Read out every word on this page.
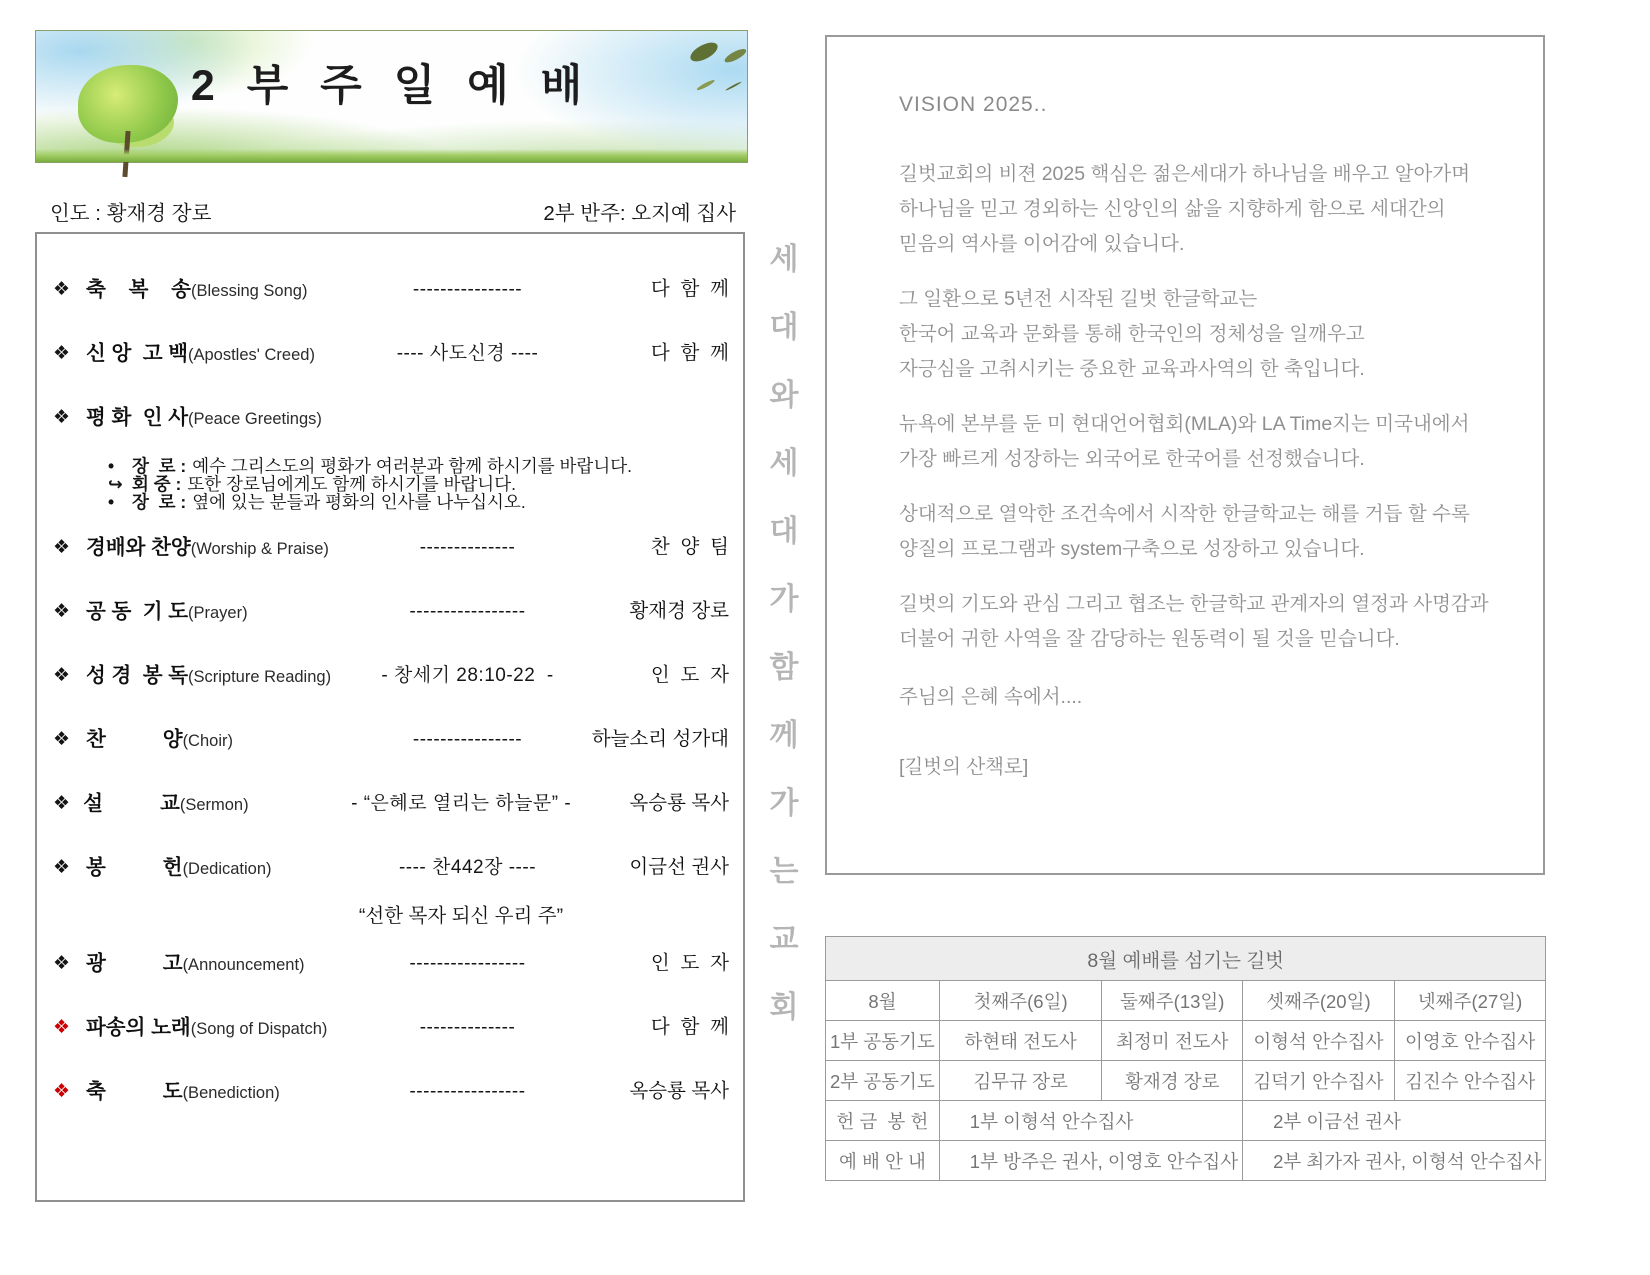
2 부 주 일 예 배
인도 : 황재경 장로	2부 반주: 오지예 집사
❖ 축    복    송(Blessing Song)	----------------	다  함  께
❖ 신 앙  고 백(Apostles' Creed)	---- 사도신경 ----	다  함  께
❖ 평 화  인 사(Peace Greetings)
•	장  로 : 예수 그리스도의 평화가 여러분과 함께 하시기를 바랍니다.
↪ 회 중 : 또한 장로님에게도 함께 하시기를 바랍니다.
•	장  로 : 옆에 있는 분들과 평화의 인사를 나누십시오.
❖ 경배와 찬양(Worship & Praise)	--------------	찬  양  팀
❖ 공 동  기 도(Prayer)	-----------------	황재경 장로
❖ 성 경  봉 독(Scripture Reading)	- 창세기 28:10-22  -	인  도  자
❖ 찬          양(Choir)	----------------	하늘소리 성가대
❖ 설          교(Sermon)	- “은혜로 열리는 하늘문” -	옥승룡 목사
❖ 봉          헌(Dedication)	---- 찬442장 ----	이금선 권사
“선한 목자 되신 우리 주”
❖ 광          고(Announcement)	-----------------	인  도  자
❖ 파송의 노래(Song of Dispatch)	--------------	다  함  께
❖ 축          도(Benediction)	-----------------	옥승룡 목사
세
대
와
세
대
가
함
께
가
는
교
회
VISION 2025..
길벗교회의 비젼 2025 핵심은 젊은세대가 하나님을 배우고 알아가며
하나님을 믿고 경외하는 신앙인의 삶을 지향하게 함으로 세대간의
믿음의 역사를 이어감에 있습니다.
그 일환으로 5년전 시작된 길벗 한글학교는
한국어 교육과 문화를 통해 한국인의 정체성을 일깨우고
자긍심을 고취시키는 중요한 교육과사역의 한 축입니다.
뉴욕에 본부를 둔 미 현대언어협회(MLA)와 LA Time지는 미국내에서
가장 빠르게 성장하는 외국어로 한국어를 선정했습니다.
상대적으로 열악한 조건속에서 시작한 한글학교는 해를 거듭 할 수록
양질의 프로그램과 system구축으로 성장하고 있습니다.
길벗의 기도와 관심 그리고 협조는 한글학교 관계자의 열정과 사명감과
더불어 귀한 사역을 잘 감당하는 원동력이 될 것을 믿습니다.
주님의 은혜 속에서....
[길벗의 산책로]
8월 예배를 섬기는 길벗				
8월	첫째주(6일)	둘째주(13일)	셋째주(20일)	넷째주(27일)
1부 공동기도	하현태 전도사	최정미 전도사	이형석 안수집사	이영호 안수집사
2부 공동기도	김무규 장로	황재경 장로	김덕기 안수집사	김진수 안수집사
헌 금  봉 헌	1부 이형석 안수집사		2부 이금선 권사	
예 배 안 내	1부 방주은 권사, 이영호 안수집사		2부 최가자 권사, 이형석 안수집사	
